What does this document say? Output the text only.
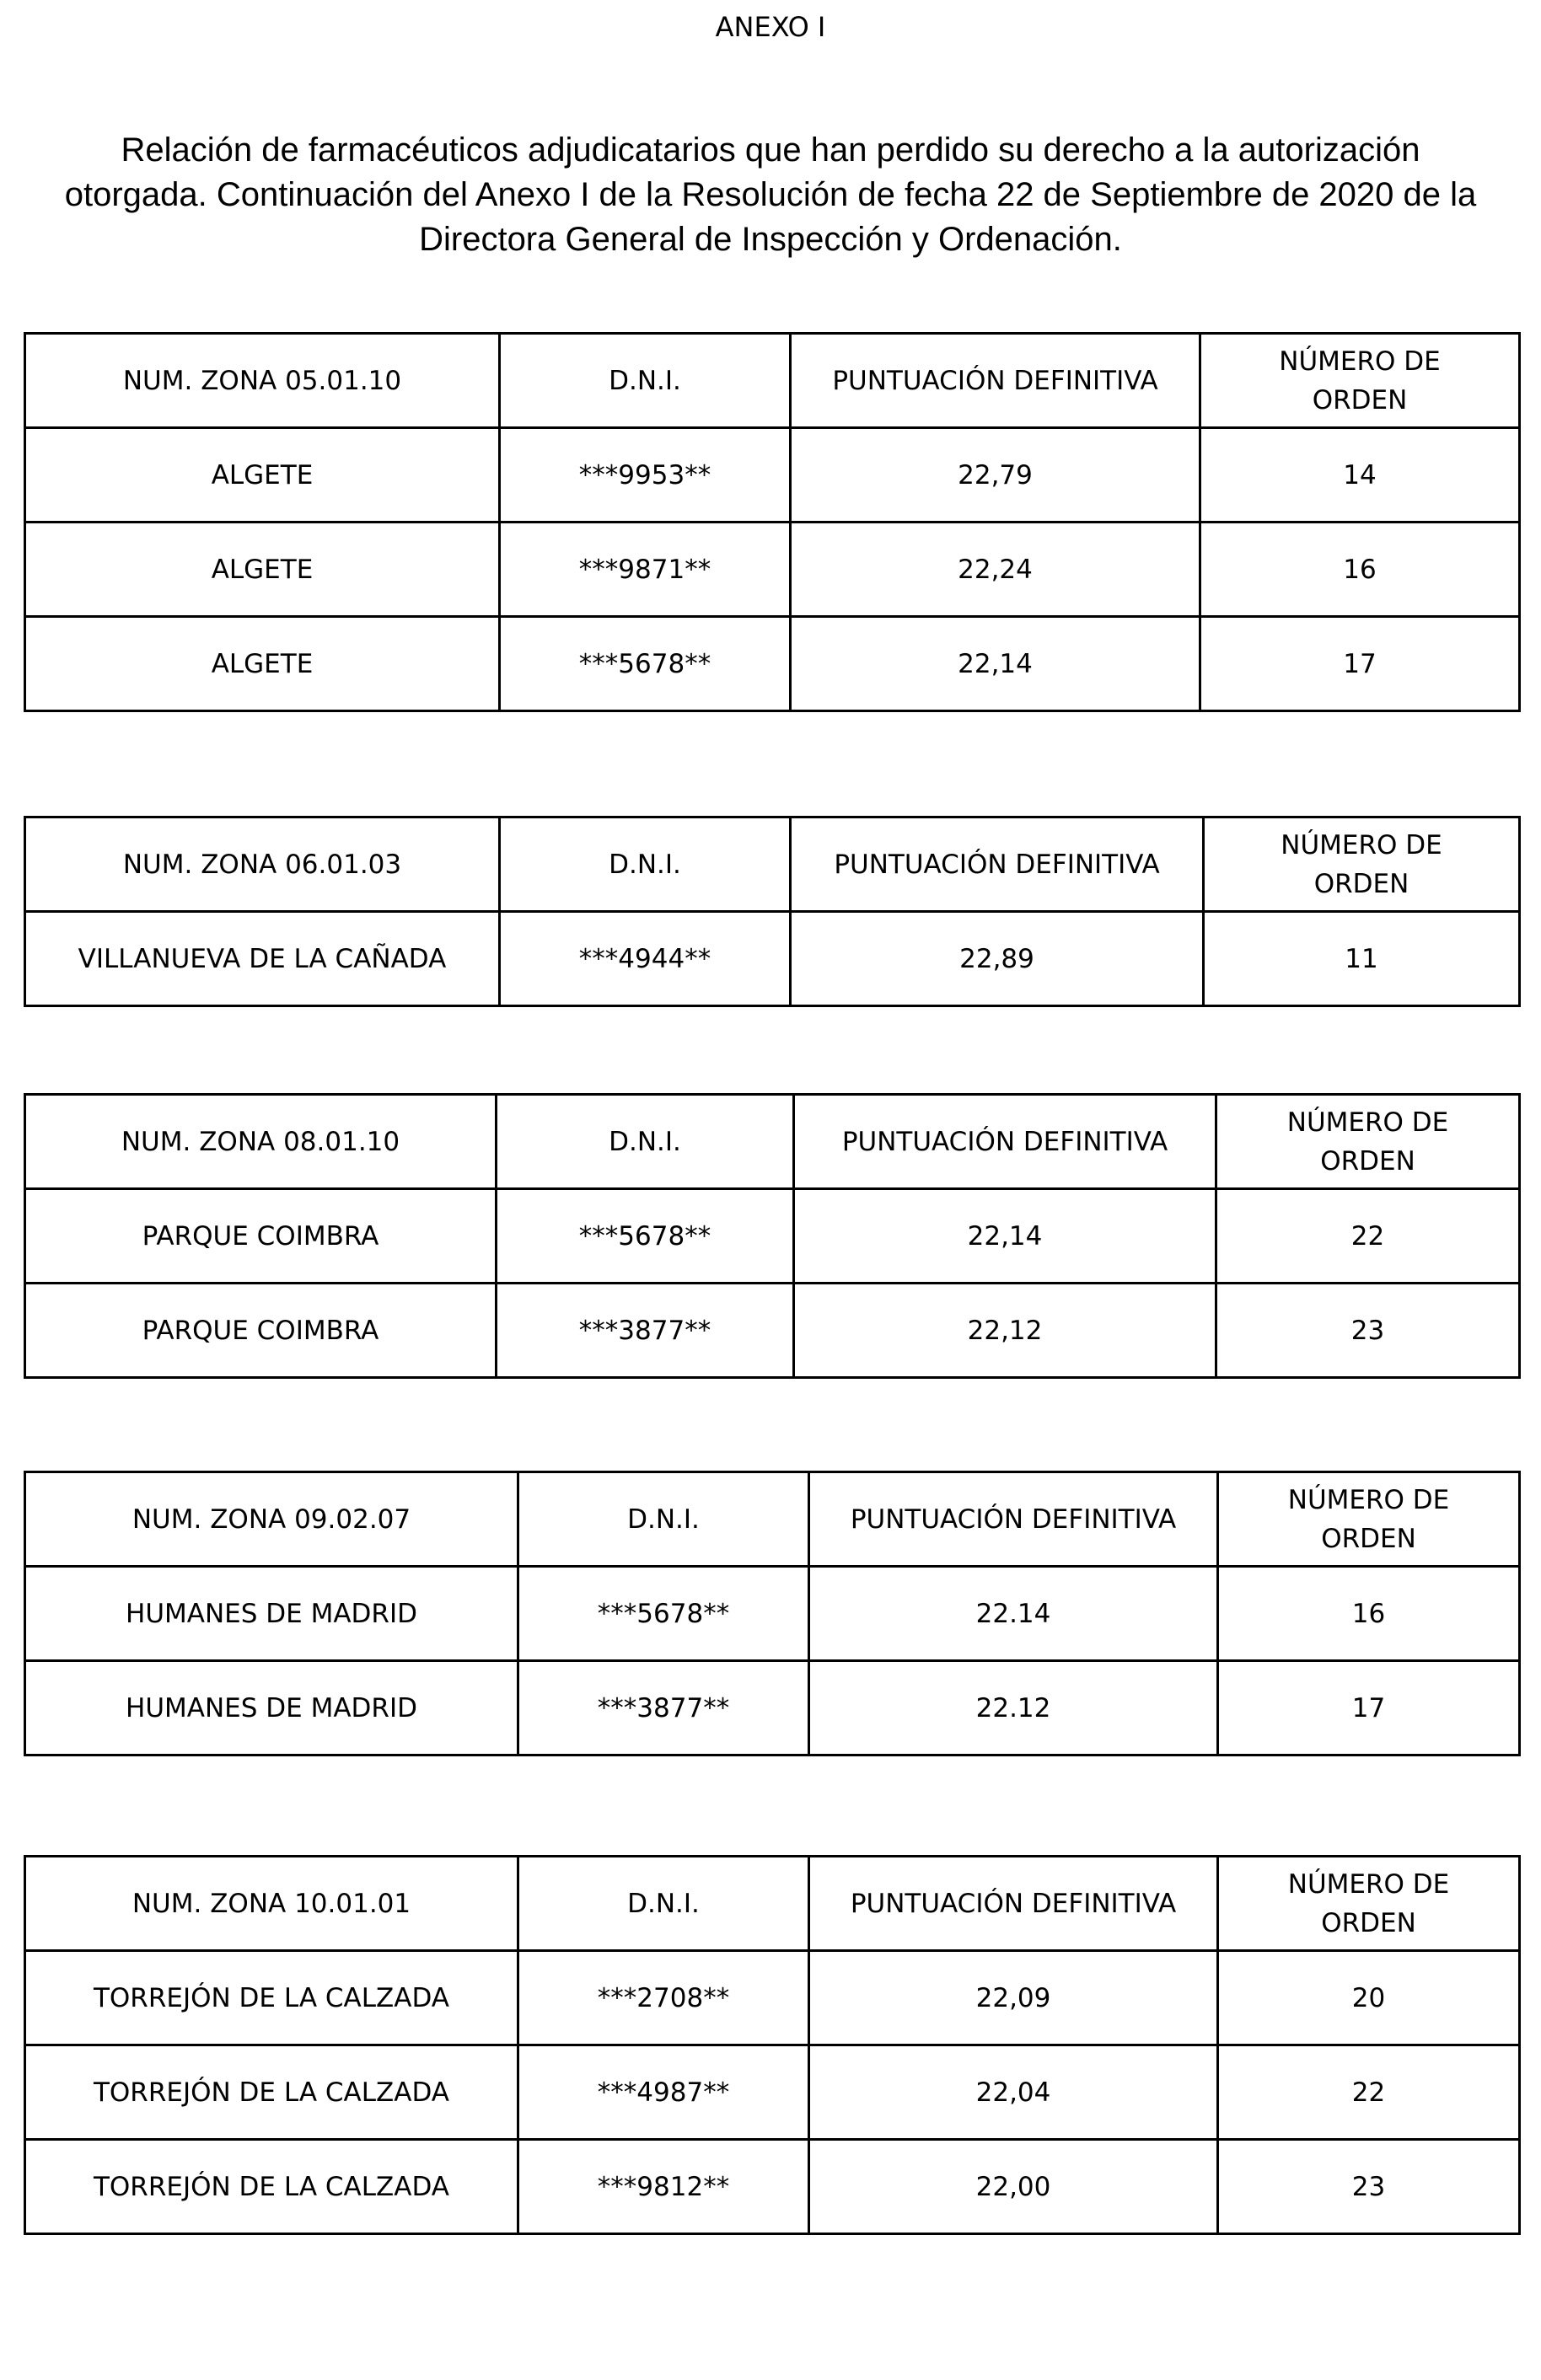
ANEXO I
Relación de farmacéuticos adjudicatarios que han perdido su derecho a la autorización
otorgada. Continuación del Anexo I de la Resolución de fecha 22 de Septiembre de 2020 de la
Directora General de Inspección y Ordenación.
NUM. ZONA 05.01.10	D.N.I.	PUNTUACIÓN DEFINITIVA	NÚMERO DE
ORDEN
ALGETE	***9953**	22,79	14
ALGETE	***9871**	22,24	16
ALGETE	***5678**	22,14	17
NUM. ZONA 06.01.03	D.N.I.	PUNTUACIÓN DEFINITIVA	NÚMERO DE
ORDEN
VILLANUEVA DE LA CAÑADA	***4944**	22,89	11
NUM. ZONA 08.01.10	D.N.I.	PUNTUACIÓN DEFINITIVA	NÚMERO DE
ORDEN
PARQUE COIMBRA	***5678**	22,14	22
PARQUE COIMBRA	***3877**	22,12	23
NUM. ZONA 09.02.07	D.N.I.	PUNTUACIÓN DEFINITIVA	NÚMERO DE
ORDEN
HUMANES DE MADRID	***5678**	22.14	16
HUMANES DE MADRID	***3877**	22.12	17
NUM. ZONA 10.01.01	D.N.I.	PUNTUACIÓN DEFINITIVA	NÚMERO DE
ORDEN
TORREJÓN DE LA CALZADA	***2708**	22,09	20
TORREJÓN DE LA CALZADA	***4987**	22,04	22
TORREJÓN DE LA CALZADA	***9812**	22,00	23
